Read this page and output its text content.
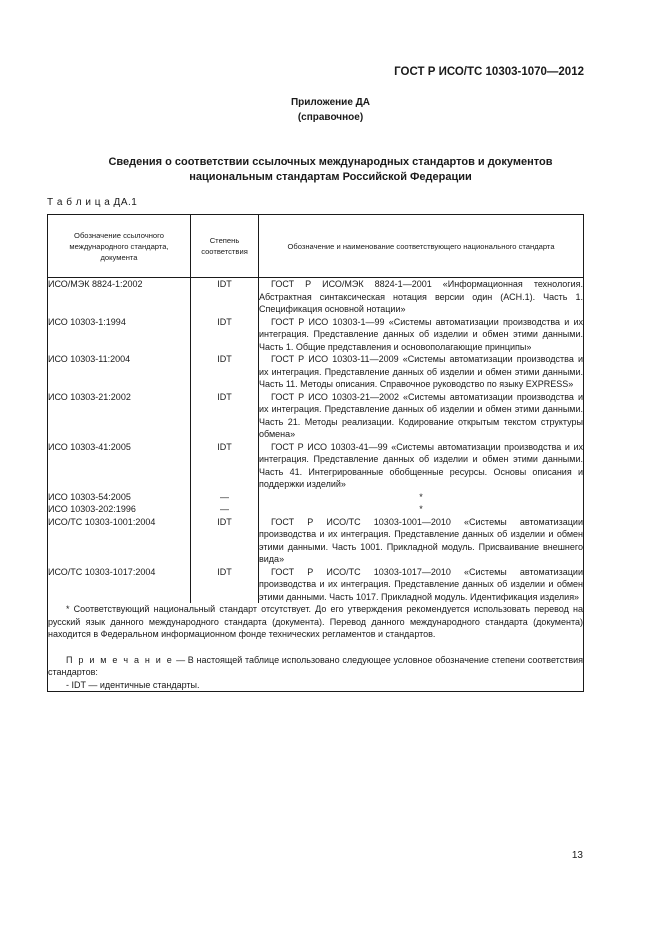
ГОСТ Р ИСО/ТС 10303-1070—2012
Приложение ДА
(справочное)
Сведения о соответствии ссылочных международных стандартов и документов
национальным стандартам Российской Федерации
Т а б л и ц а ДА.1
Обозначение ссылочного международного стандарта, документа	Степень соответствия	Обозначение и наименование соответствующего национального стандарта
ИСО/МЭК 8824-1:2002	IDT	ГОСТ Р ИСО/МЭК 8824-1—2001 «Информационная технология. Абстрактная синтаксическая нотация версии один (АСН.1). Часть 1. Спецификация основной нотации»
ИСО 10303-1:1994	IDT	ГОСТ Р ИСО 10303-1—99 «Системы автоматизации производства и их интеграция. Представление данных об изделии и обмен этими данными. Часть 1. Общие представления и основополагающие принципы»
ИСО 10303-11:2004	IDT	ГОСТ Р ИСО 10303-11—2009 «Системы автоматизации производства и их интеграция. Представление данных об изделии и обмен этими данными. Часть 11. Методы описания. Справочное руководство по языку EXPRESS»
ИСО 10303-21:2002	IDT	ГОСТ Р ИСО 10303-21—2002 «Системы автоматизации производства и их интеграция. Представление данных об изделии и обмен этими данными. Часть 21. Методы реализации. Кодирование открытым текстом структуры обмена»
ИСО 10303-41:2005	IDT	ГОСТ Р ИСО 10303-41—99 «Системы автоматизации производства и их интеграция. Представление данных об изделии и обмен этими данными. Часть 41. Интегрированные обобщенные ресурсы. Основы описания и поддержки изделий»
ИСО 10303-54:2005	—	*
ИСО 10303-202:1996	—	*
ИСО/ТС 10303-1001:2004	IDT	ГОСТ Р ИСО/ТС 10303-1001—2010 «Системы автоматизации производства и их интеграция. Представление данных об изделии и обмен этими данными. Часть 1001. Прикладной модуль. Присваивание внешнего вида»
ИСО/ТС 10303-1017:2004	IDT	ГОСТ Р ИСО/ТС 10303-1017—2010 «Системы автоматизации производства и их интеграция. Представление данных об изделии и обмен этими данными. Часть 1017. Прикладной модуль. Идентификация изделия»

* Соответствующий национальный стандарт отсутствует. До его утверждения рекомендуется использовать перевод на русский язык данного международного стандарта (документа). Перевод данного международного стандарта (документа) находится в Федеральном информационном фонде технических регламентов и стандартов.

П р и м е ч а н и е — В настоящей таблице использовано следующее условное обозначение степени соответствия стандартов:

- IDT — идентичные стандарты.		

13
